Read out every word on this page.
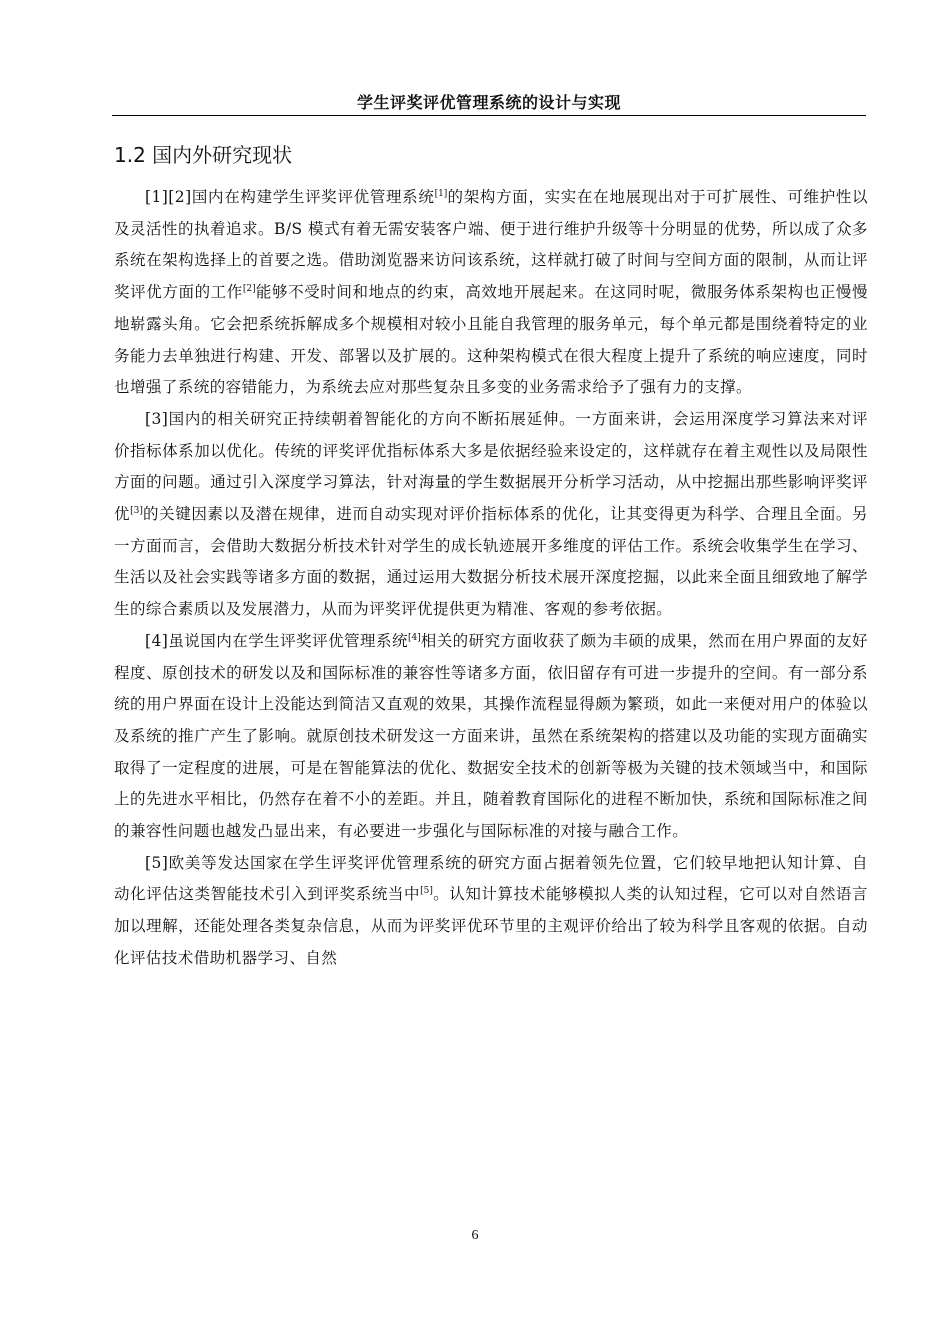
学生评奖评优管理系统的设计与实现
1.2 国内外研究现状

[1][2]国内在构建学生评奖评优管理系统[1]的架构方面，实实在在地展现出对于可扩展性、可维护性以及灵活性的执着追求。B/S 模式有着无需安装客户端、便于进行维护升级等十分明显的优势，所以成了众多系统在架构选择上的首要之选。借助浏览器来访问该系统，这样就打破了时间与空间方面的限制，从而让评奖评优方面的工作[2]能够不受时间和地点的约束，高效地开展起来。在这同时呢，微服务体系架构也正慢慢地崭露头角。它会把系统拆解成多个规模相对较小且能自我管理的服务单元，每个单元都是围绕着特定的业务能力去单独进行构建、开发、部署以及扩展的。这种架构模式在很大程度上提升了系统的响应速度，同时也增强了系统的容错能力，为系统去应对那些复杂且多变的业务需求给予了强有力的支撑。

[3]国内的相关研究正持续朝着智能化的方向不断拓展延伸。一方面来讲，会运用深度学习算法来对评价指标体系加以优化。传统的评奖评优指标体系大多是依据经验来设定的，这样就存在着主观性以及局限性方面的问题。通过引入深度学习算法，针对海量的学生数据展开分析学习活动，从中挖掘出那些影响评奖评优[3]的关键因素以及潜在规律，进而自动实现对评价指标体系的优化，让其变得更为科学、合理且全面。另一方面而言，会借助大数据分析技术针对学生的成长轨迹展开多维度的评估工作。系统会收集学生在学习、生活以及社会实践等诸多方面的数据，通过运用大数据分析技术展开深度挖掘，以此来全面且细致地了解学生的综合素质以及发展潜力，从而为评奖评优提供更为精准、客观的参考依据。

[4]虽说国内在学生评奖评优管理系统[4]相关的研究方面收获了颇为丰硕的成果，然而在用户界面的友好程度、原创技术的研发以及和国际标准的兼容性等诸多方面，依旧留存有可进一步提升的空间。有一部分系统的用户界面在设计上没能达到简洁又直观的效果，其操作流程显得颇为繁琐，如此一来便对用户的体验以及系统的推广产生了影响。就原创技术研发这一方面来讲，虽然在系统架构的搭建以及功能的实现方面确实取得了一定程度的进展，可是在智能算法的优化、数据安全技术的创新等极为关键的技术领域当中，和国际上的先进水平相比，仍然存在着不小的差距。并且，随着教育国际化的进程不断加快，系统和国际标准之间的兼容性问题也越发凸显出来，有必要进一步强化与国际标准的对接与融合工作。

[5]欧美等发达国家在学生评奖评优管理系统的研究方面占据着领先位置，它们较早地把认知计算、自动化评估这类智能技术引入到评奖系统当中[5]。认知计算技术能够模拟人类的认知过程，它可以对自然语言加以理解，还能处理各类复杂信息，从而为评奖评优环节里的主观评价给出了较为科学且客观的依据。自动化评估技术借助机器学习、自然

6
